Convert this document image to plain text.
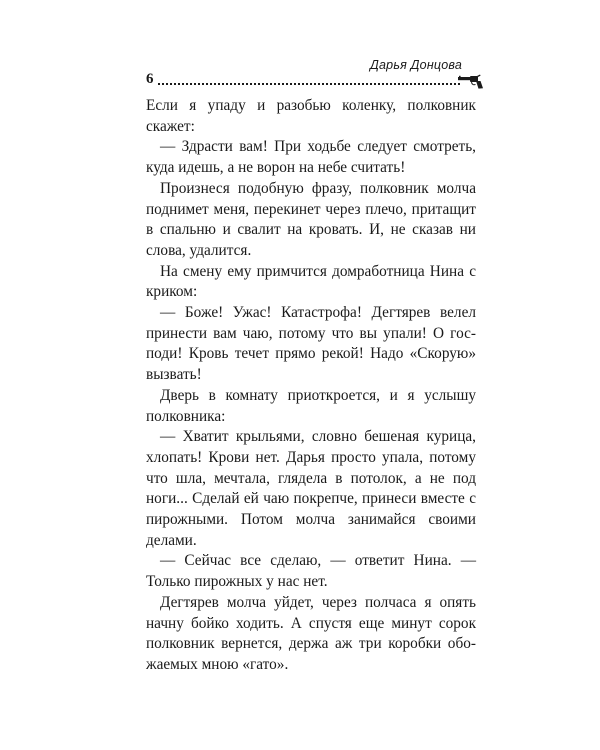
6
Дарья Донцова

Если я упаду и разобью коленку, полковник скажет:

— Здрасти вам! При ходьбе следует смотреть, куда идешь, а не ворон на небе считать!

Произнеся подобную фразу, полковник молча поднимет меня, перекинет через плечо, притащит в спальню и свалит на кровать. И, не сказав ни слова, удалится.

На смену ему примчится домработница Нина с криком:

— Боже! Ужас! Катастрофа! Дегтярев велел принести вам чаю, потому что вы упали! О господи! Кровь течет прямо рекой! Надо «Скорую» вызвать!

Дверь в комнату приоткроется, и я услышу полковника:

— Хватит крыльями, словно бешеная курица, хлопать! Крови нет. Дарья просто упала, потому что шла, мечтала, глядела в потолок, а не под ноги... Сделай ей чаю покрепче, принеси вместе с пирожными. Потом молча занимайся своими делами.

— Сейчас все сделаю, — ответит Нина. — Только пирожных у нас нет.

Дегтярев молча уйдет, через полчаса я опять начну бойко ходить. А спустя еще минут сорок полковник вернется, держа аж три коробки обожаемых мною «гато».
